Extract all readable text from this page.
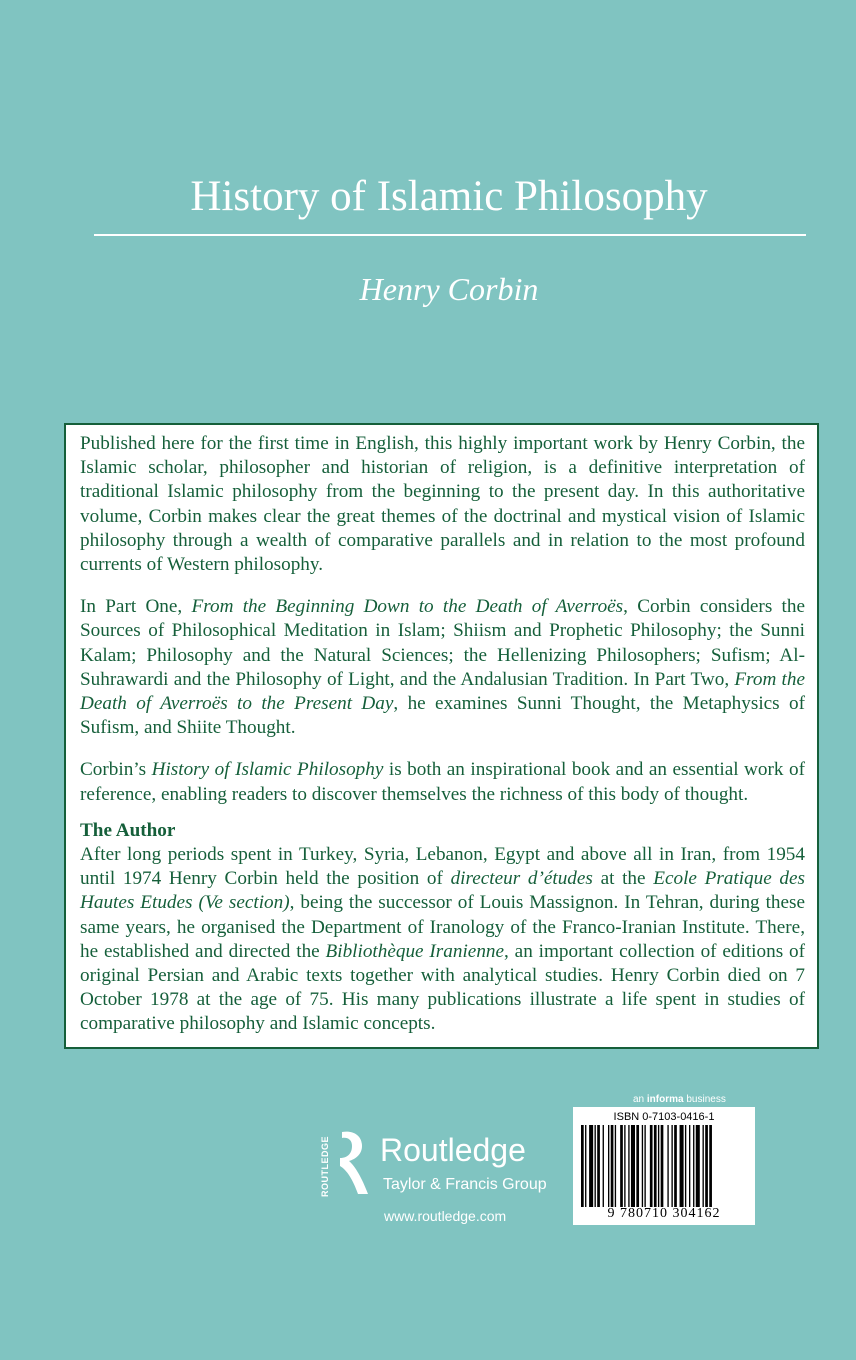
History of Islamic Philosophy
Henry Corbin

Published here for the first time in English, this highly important work by Henry Corbin, the Islamic scholar, philosopher and historian of religion, is a definitive interpretation of traditional Islamic philosophy from the beginning to the present day. In this authoritative volume, Corbin makes clear the great themes of the doctrinal and mystical vision of Islamic philosophy through a wealth of comparative parallels and in relation to the most profound currents of Western philosophy.

In Part One, From the Beginning Down to the Death of Averroës, Corbin considers the Sources of Philosophical Meditation in Islam; Shiism and Prophetic Philosophy; the Sunni Kalam; Philosophy and the Natural Sciences; the Hellenizing Philosophers; Sufism; Al-Suhrawardi and the Philosophy of Light, and the Andalusian Tradition. In Part Two, From the Death of Averroës to the Present Day, he examines Sunni Thought, the Metaphysics of Sufism, and Shiite Thought.

Corbin’s History of Islamic Philosophy is both an inspirational book and an essential work of reference, enabling readers to discover themselves the richness of this body of thought.

The Author

After long periods spent in Turkey, Syria, Lebanon, Egypt and above all in Iran, from 1954 until 1974 Henry Corbin held the position of directeur d’études at the Ecole Pratique des Hautes Etudes (Ve section), being the successor of Louis Massignon. In Tehran, during these same years, he organised the Department of Iranology of the Franco-Iranian Institute. There, he established and directed the Bibliothèque Iranienne, an important collection of editions of original Persian and Arabic texts together with analytical studies. Henry Corbin died on 7 October 1978 at the age of 75. His many publications illustrate a life spent in studies of comparative philosophy and Islamic concepts.

ROUTLEDGE Routledge
Taylor & Francis Group
www.routledge.com
an informa business
ISBN 0-7103-0416-1
9 780710 304162
